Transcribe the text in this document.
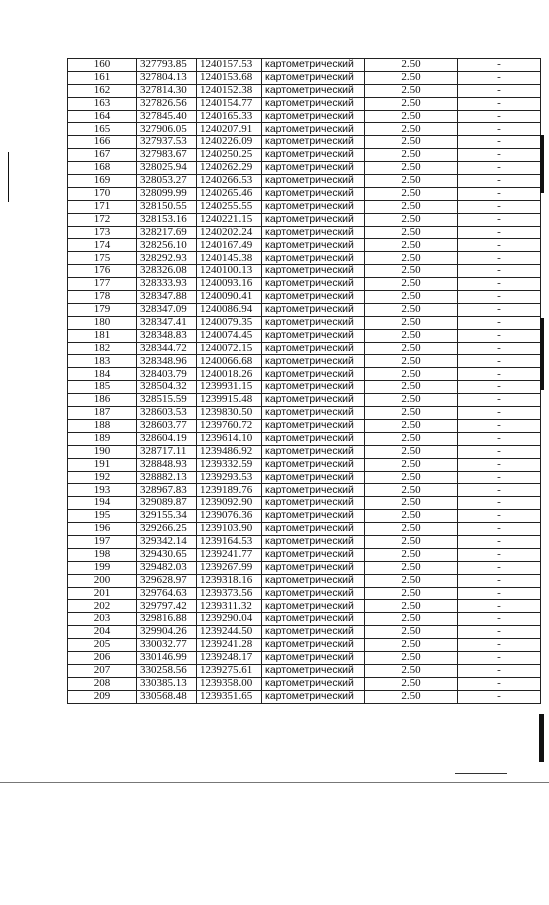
160	327793.85	1240157.53	картометрический	2.50	-
161	327804.13	1240153.68	картометрический	2.50	-
162	327814.30	1240152.38	картометрический	2.50	-
163	327826.56	1240154.77	картометрический	2.50	-
164	327845.40	1240165.33	картометрический	2.50	-
165	327906.05	1240207.91	картометрический	2.50	-
166	327937.53	1240226.09	картометрический	2.50	-
167	327983.67	1240250.25	картометрический	2.50	-
168	328025.94	1240262.29	картометрический	2.50	-
169	328053.27	1240266.53	картометрический	2.50	-
170	328099.99	1240265.46	картометрический	2.50	-
171	328150.55	1240255.55	картометрический	2.50	-
172	328153.16	1240221.15	картометрический	2.50	-
173	328217.69	1240202.24	картометрический	2.50	-
174	328256.10	1240167.49	картометрический	2.50	-
175	328292.93	1240145.38	картометрический	2.50	-
176	328326.08	1240100.13	картометрический	2.50	-
177	328333.93	1240093.16	картометрический	2.50	-
178	328347.88	1240090.41	картометрический	2.50	-
179	328347.09	1240086.94	картометрический	2.50	-
180	328347.41	1240079.35	картометрический	2.50	-
181	328348.83	1240074.45	картометрический	2.50	-
182	328344.72	1240072.15	картометрический	2.50	-
183	328348.96	1240066.68	картометрический	2.50	-
184	328403.79	1240018.26	картометрический	2.50	-
185	328504.32	1239931.15	картометрический	2.50	-
186	328515.59	1239915.48	картометрический	2.50	-
187	328603.53	1239830.50	картометрический	2.50	-
188	328603.77	1239760.72	картометрический	2.50	-
189	328604.19	1239614.10	картометрический	2.50	-
190	328717.11	1239486.92	картометрический	2.50	-
191	328848.93	1239332.59	картометрический	2.50	-
192	328882.13	1239293.53	картометрический	2.50	-
193	328967.83	1239189.76	картометрический	2.50	-
194	329089.87	1239092.90	картометрический	2.50	-
195	329155.34	1239076.36	картометрический	2.50	-
196	329266.25	1239103.90	картометрический	2.50	-
197	329342.14	1239164.53	картометрический	2.50	-
198	329430.65	1239241.77	картометрический	2.50	-
199	329482.03	1239267.99	картометрический	2.50	-
200	329628.97	1239318.16	картометрический	2.50	-
201	329764.63	1239373.56	картометрический	2.50	-
202	329797.42	1239311.32	картометрический	2.50	-
203	329816.88	1239290.04	картометрический	2.50	-
204	329904.26	1239244.50	картометрический	2.50	-
205	330032.77	1239241.28	картометрический	2.50	-
206	330146.99	1239248.17	картометрический	2.50	-
207	330258.56	1239275.61	картометрический	2.50	-
208	330385.13	1239358.00	картометрический	2.50	-
209	330568.48	1239351.65	картометрический	2.50	-
